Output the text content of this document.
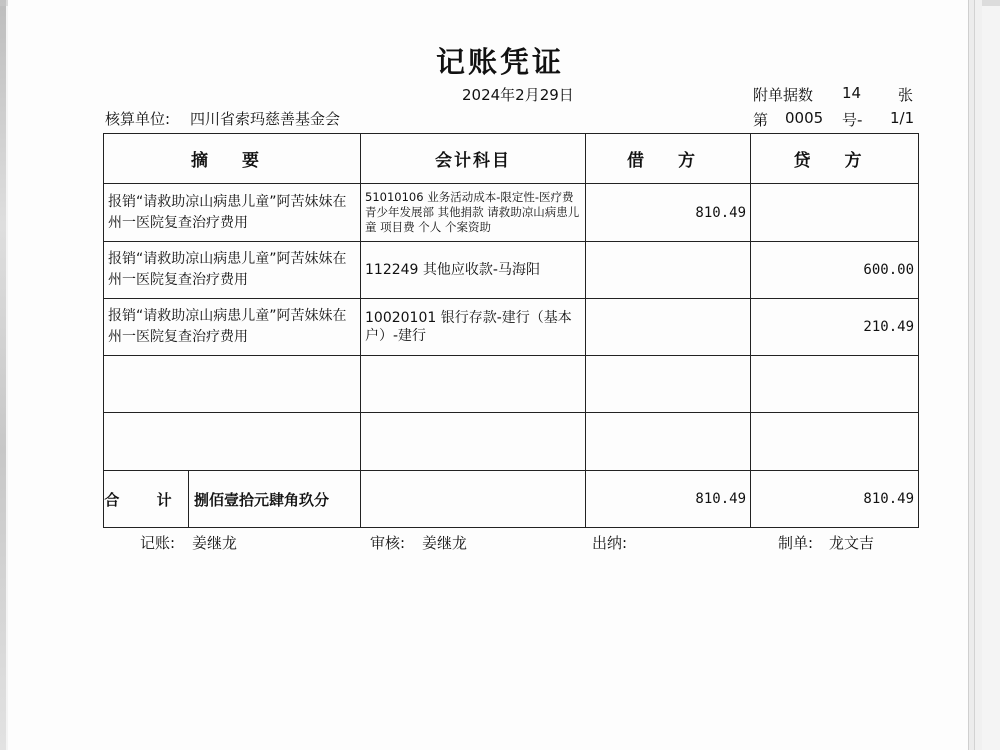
记账凭证
2024年2月29日	附单据数 14 张
核算单位: 四川省索玛慈善基金会	第 0005 号- 1/1
摘 要	会计科目	借 方	贷 方
报销“请救助凉山病患儿童”阿苦妹妹在州一医院复查治疗费用	51010106 业务活动成本-限定性-医疗费 青少年发展部 其他捐款 请救助凉山病患儿童 项目费 个人 个案资助	810.49	
报销“请救助凉山病患儿童”阿苦妹妹在州一医院复查治疗费用	112249 其他应收款-马海阳		600.00
报销“请救助凉山病患儿童”阿苦妹妹在州一医院复查治疗费用	10020101 银行存款-建行（基本户）-建行		210.49

合 计 捌佰壹拾元肆角玖分		810.49	810.49
记账: 姜继龙	审核: 姜继龙	出纳:	制单: 龙文吉
